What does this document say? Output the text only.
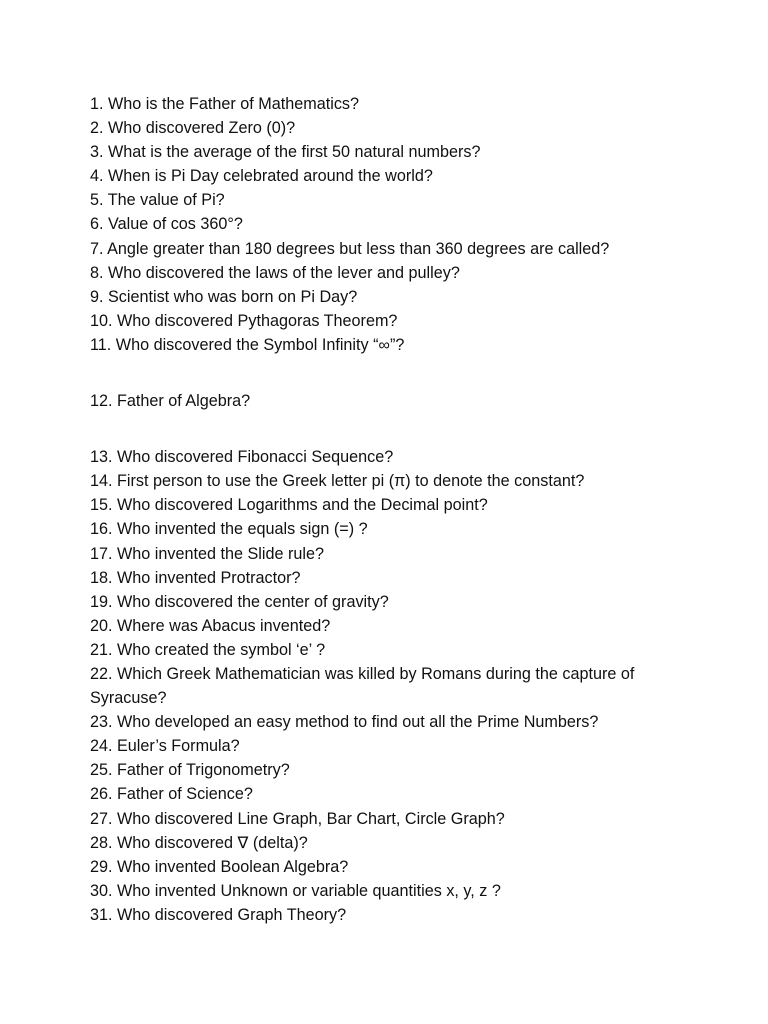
1. Who is the Father of Mathematics?

2. Who discovered Zero (0)?

3. What is the average of the first 50 natural numbers?

4. When is Pi Day celebrated around the world?

5. The value of Pi?

6. Value of cos 360°?

7. Angle greater than 180 degrees but less than 360 degrees are called?

8. Who discovered the laws of the lever and pulley?

9. Scientist who was born on Pi Day?

10. Who discovered Pythagoras Theorem?

11. Who discovered the Symbol Infinity “∞”?

12. Father of Algebra?

13. Who discovered Fibonacci Sequence?

14. First person to use the Greek letter pi (π) to denote the constant?

15. Who discovered Logarithms and the Decimal point?

16. Who invented the equals sign (=) ?

17. Who invented the Slide rule?

18. Who invented Protractor?

19. Who discovered the center of gravity?

20. Where was Abacus invented?

21. Who created the symbol ‘e’ ?

22. Which Greek Mathematician was killed by Romans during the capture of Syracuse?

23. Who developed an easy method to find out all the Prime Numbers?

24. Euler’s Formula?

25. Father of Trigonometry?

26. Father of Science?

27. Who discovered Line Graph, Bar Chart, Circle Graph?

28. Who discovered ∇ (delta)?

29. Who invented Boolean Algebra?

30. Who invented Unknown or variable quantities x, y, z ?

31. Who discovered Graph Theory?
